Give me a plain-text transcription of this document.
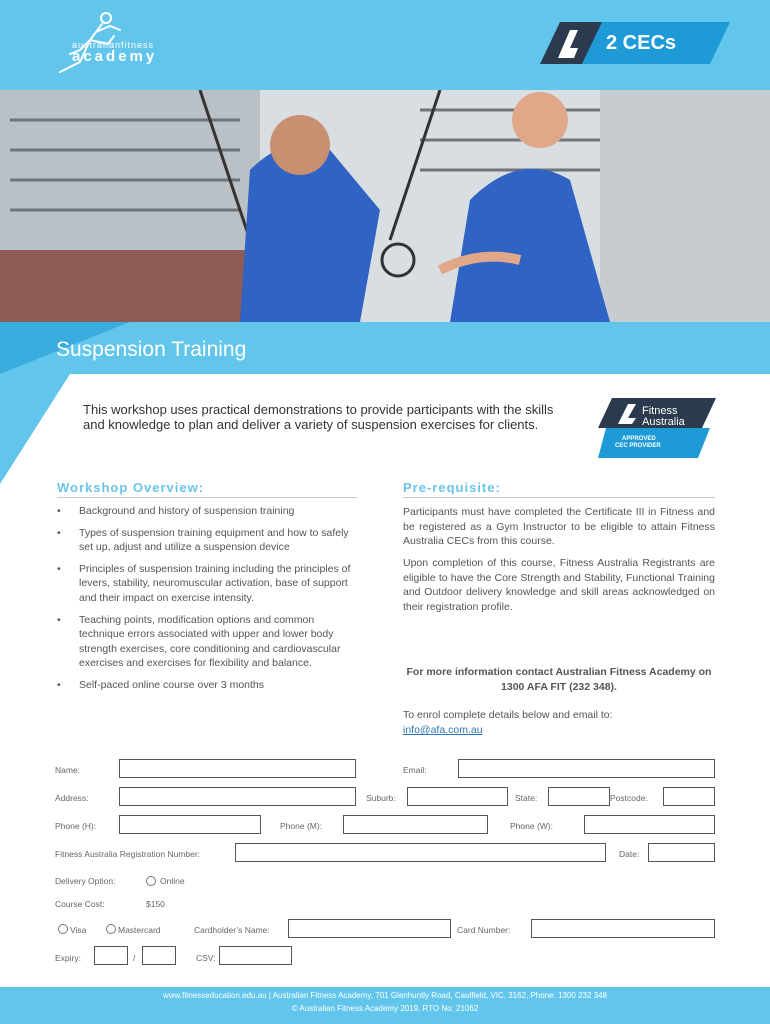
australianfitness
academy
2 CECs
Suspension Training
This workshop uses practical demonstrations to provide participants with the skills and knowledge to plan and deliver a variety of suspension exercises for clients.
Fitness
Australia
APPROVED
CEC PROVIDER
Workshop Overview:
• Background and history of suspension training
• Types of suspension training equipment and how to safely set up, adjust and utilize a suspension device
• Principles of suspension training including the principles of levers, stability, neuromuscular activation, base of support and their impact on exercise intensity.
• Teaching points, modification options and common technique errors associated with upper and lower body strength exercises, core conditioning and cardiovascular exercises and exercises for flexibility and balance.
• Self-paced online course over 3 months
Pre-requisite:
Participants must have completed the Certificate III in Fitness and be registered as a Gym Instructor to be eligible to attain Fitness Australia CECs from this course.
Upon completion of this course, Fitness Australia Registrants are eligible to have the Core Strength and Stability, Functional Training and Outdoor delivery knowledge and skill areas acknowledged on their registration profile.
For more information contact Australian Fitness Academy on 1300 AFA FIT (232 348).
To enrol complete details below and email to:
info@afa.com.au
Name:	Email:
Address:	Suburb:	State:	Postcode:
Phone (H):	Phone (M):	Phone (W):
Fitness Australia Registration Number:	Date:
Delivery Option:	Online
Course Cost:	$150
Visa	Mastercard	Cardholder’s Name:	Card Number:
Expiry:	/	CSV:
www.fitnesseducation.edu.au | Australian Fitness Academy, 701 Glenhuntly Road, Caulfield, VIC, 3162, Phone: 1300 232 348
© Australian Fitness Academy 2019, RTO No: 21062
